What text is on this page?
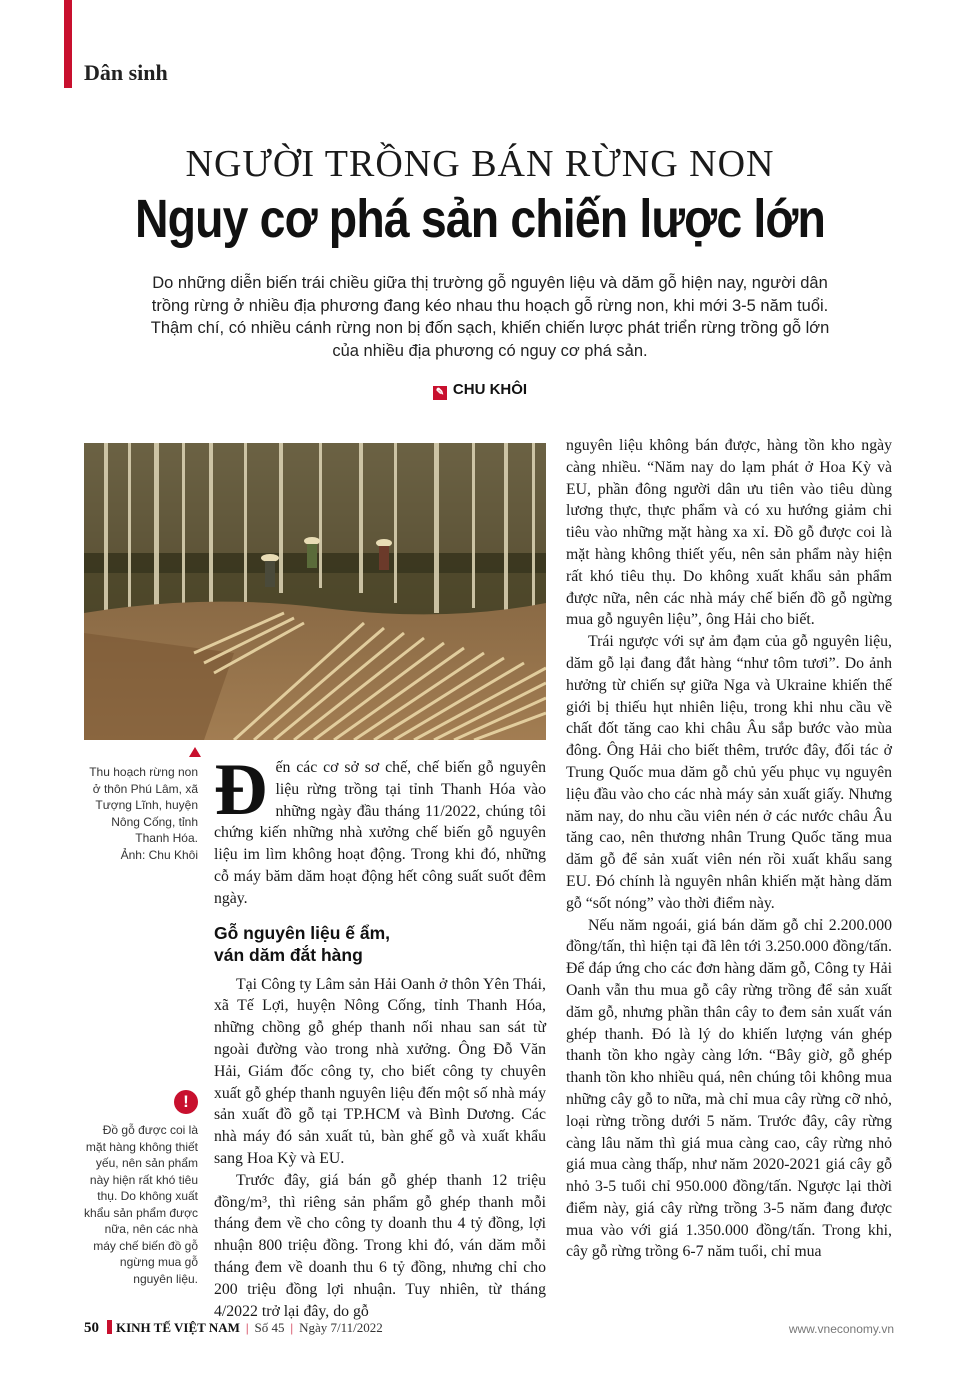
Dân sinh
NGƯỜI TRỒNG BÁN RỪNG NON
Nguy cơ phá sản chiến lược lớn
Do những diễn biến trái chiều giữa thị trường gỗ nguyên liệu và dăm gỗ hiện nay, người dân trồng rừng ở nhiều địa phương đang kéo nhau thu hoạch gỗ rừng non, khi mới 3-5 năm tuổi. Thậm chí, có nhiều cánh rừng non bị đốn sạch, khiến chiến lược phát triển rừng trồng gỗ lớn của nhiều địa phương có nguy cơ phá sản.
✎ CHU KHÔI
Thu hoạch rừng non ở thôn Phú Lâm, xã Tượng Lĩnh, huyện Nông Cống, tỉnh Thanh Hóa.
Ảnh: Chu Khôi

Đến các cơ sở sơ chế, chế biến gỗ nguyên liệu rừng trồng tại tỉnh Thanh Hóa vào những ngày đầu tháng 11/2022, chúng tôi chứng kiến những nhà xưởng chế biến gỗ nguyên liệu im lìm không hoạt động. Trong khi đó, những cỗ máy băm dăm hoạt động hết công suất suốt đêm ngày.

Gỗ nguyên liệu ế ẩm,
ván dăm đắt hàng

Tại Công ty Lâm sản Hải Oanh ở thôn Yên Thái, xã Tế Lợi, huyện Nông Cống, tỉnh Thanh Hóa, những chồng gỗ ghép thanh nối nhau san sát từ ngoài đường vào trong nhà xưởng. Ông Đỗ Văn Hải, Giám đốc công ty, cho biết công ty chuyên xuất gỗ ghép thanh nguyên liệu đến một số nhà máy sản xuất đồ gỗ tại TP.HCM và Bình Dương. Các nhà máy đó sản xuất tủ, bàn ghế gỗ và xuất khẩu sang Hoa Kỳ và EU.

Trước đây, giá bán gỗ ghép thanh 12 triệu đồng/m³, thì riêng sản phẩm gỗ ghép thanh mỗi tháng đem về cho công ty doanh thu 4 tỷ đồng, lợi nhuận 800 triệu đồng. Trong khi đó, ván dăm mỗi tháng đem về doanh thu 6 tỷ đồng, nhưng chỉ cho 200 triệu đồng lợi nhuận. Tuy nhiên, từ tháng 4/2022 trở lại đây, do gỗ

nguyên liệu không bán được, hàng tồn kho ngày càng nhiều. “Năm nay do lạm phát ở Hoa Kỳ và EU, phần đông người dân ưu tiên vào tiêu dùng lương thực, thực phẩm và có xu hướng giảm chi tiêu vào những mặt hàng xa xỉ. Đồ gỗ được coi là mặt hàng không thiết yếu, nên sản phẩm này hiện rất khó tiêu thụ. Do không xuất khẩu sản phẩm được nữa, nên các nhà máy chế biến đồ gỗ ngừng mua gỗ nguyên liệu”, ông Hải cho biết.

Trái ngược với sự ảm đạm của gỗ nguyên liệu, dăm gỗ lại đang đắt hàng “như tôm tươi”. Do ảnh hưởng từ chiến sự giữa Nga và Ukraine khiến thế giới bị thiếu hụt nhiên liệu, trong khi nhu cầu về chất đốt tăng cao khi châu Âu sắp bước vào mùa đông. Ông Hải cho biết thêm, trước đây, đối tác ở Trung Quốc mua dăm gỗ chủ yếu phục vụ nguyên liệu đầu vào cho các nhà máy sản xuất giấy. Nhưng năm nay, do nhu cầu viên nén ở các nước châu Âu tăng cao, nên thương nhân Trung Quốc tăng mua dăm gỗ để sản xuất viên nén rồi xuất khẩu sang EU. Đó chính là nguyên nhân khiến mặt hàng dăm gỗ “sốt nóng” vào thời điểm này.

Nếu năm ngoái, giá bán dăm gỗ chỉ 2.200.000 đồng/tấn, thì hiện tại đã lên tới 3.250.000 đồng/tấn. Để đáp ứng cho các đơn hàng dăm gỗ, Công ty Hải Oanh vẫn thu mua gỗ cây rừng trồng để sản xuất dăm gỗ, nhưng phần thân cây to đem sản xuất ván ghép thanh. Đó là lý do khiến lượng ván ghép thanh tồn kho ngày càng lớn. “Bây giờ, gỗ ghép thanh tồn kho nhiều quá, nên chúng tôi không mua những cây gỗ to nữa, mà chỉ mua cây rừng cỡ nhỏ, loại rừng trồng dưới 5 năm. Trước đây, cây rừng càng lâu năm thì giá mua càng cao, cây rừng nhỏ giá mua càng thấp, như năm 2020-2021 giá cây gỗ nhỏ 3-5 tuổi chỉ 950.000 đồng/tấn. Ngược lại thời điểm này, giá cây rừng trồng 3-5 năm đang được mua vào với giá 1.350.000 đồng/tấn. Trong khi, cây gỗ rừng trồng 6-7 năm tuổi, chỉ mua

!
Đồ gỗ được coi là mặt hàng không thiết yếu, nên sản phẩm này hiện rất khó tiêu thụ. Do không xuất khẩu sản phẩm được nữa, nên các nhà máy chế biến đồ gỗ ngừng mua gỗ nguyên liệu.
50 KINH TẾ VIỆT NAM | Số 45 | Ngày 7/11/2022	www.vneconomy.vn
